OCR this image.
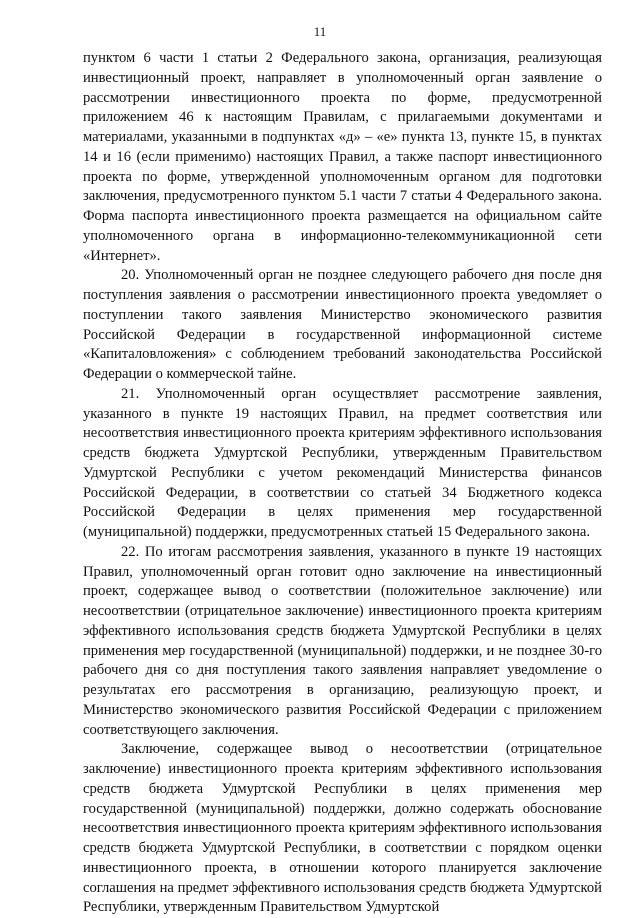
11

пунктом 6 части 1 статьи 2 Федерального закона, организация, реализующая инвестиционный проект, направляет в уполномоченный орган заявление о рассмотрении инвестиционного проекта по форме, предусмотренной приложением 46 к настоящим Правилам, с прилагаемыми документами и материалами, указанными в подпунктах «д» – «е» пункта 13, пункте 15, в пунктах 14 и 16 (если применимо) настоящих Правил, а также паспорт инвестиционного проекта по форме, утвержденной уполномоченным органом для подготовки заключения, предусмотренного пунктом 5.1 части 7 статьи 4 Федерального закона. Форма паспорта инвестиционного проекта размещается на официальном сайте уполномоченного органа в информационно-телекоммуникационной сети «Интернет».

20. Уполномоченный орган не позднее следующего рабочего дня после дня поступления заявления о рассмотрении инвестиционного проекта уведомляет о поступлении такого заявления Министерство экономического развития Российской Федерации в государственной информационной системе «Капиталовложения» с соблюдением требований законодательства Российской Федерации о коммерческой тайне.

21. Уполномоченный орган осуществляет рассмотрение заявления, указанного в пункте 19 настоящих Правил, на предмет соответствия или несоответствия инвестиционного проекта критериям эффективного использования средств бюджета Удмуртской Республики, утвержденным Правительством Удмуртской Республики с учетом рекомендаций Министерства финансов Российской Федерации, в соответствии со статьей 34 Бюджетного кодекса Российской Федерации в целях применения мер государственной (муниципальной) поддержки, предусмотренных статьей 15 Федерального закона.

22. По итогам рассмотрения заявления, указанного в пункте 19 настоящих Правил, уполномоченный орган готовит одно заключение на инвестиционный проект, содержащее вывод о соответствии (положительное заключение) или несоответствии (отрицательное заключение) инвестиционного проекта критериям эффективного использования средств бюджета Удмуртской Республики в целях применения мер государственной (муниципальной) поддержки, и не позднее 30-го рабочего дня со дня поступления такого заявления направляет уведомление о результатах его рассмотрения в организацию, реализующую проект, и Министерство экономического развития Российской Федерации с приложением соответствующего заключения.

Заключение, содержащее вывод о несоответствии (отрицательное заключение) инвестиционного проекта критериям эффективного использования средств бюджета Удмуртской Республики в целях применения мер государственной (муниципальной) поддержки, должно содержать обоснование несоответствия инвестиционного проекта критериям эффективного использования средств бюджета Удмуртской Республики, в соответствии с порядком оценки инвестиционного проекта, в отношении которого планируется заключение соглашения на предмет эффективного использования средств бюджета Удмуртской Республики, утвержденным Правительством Удмуртской
